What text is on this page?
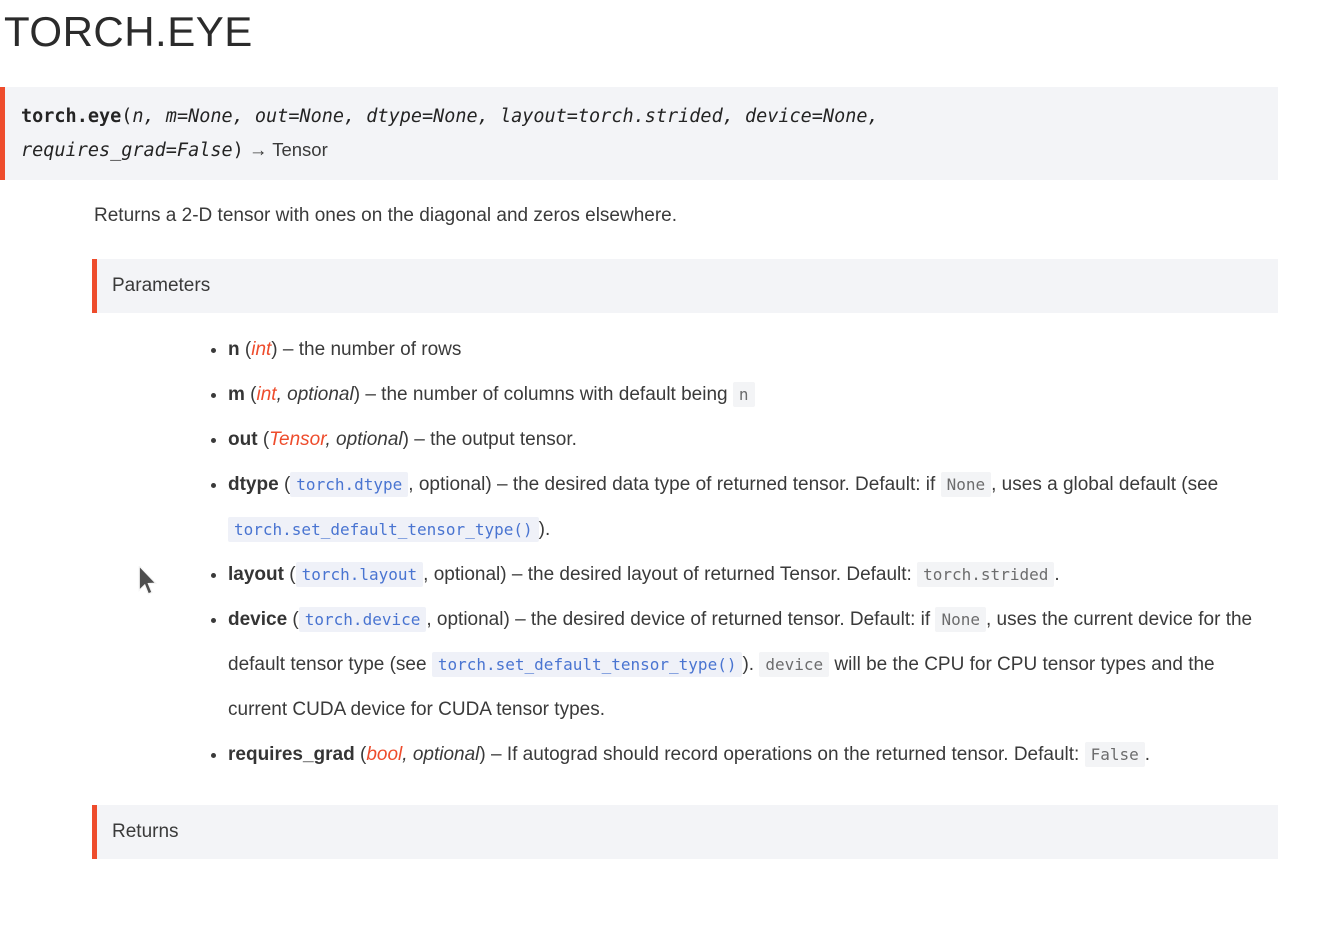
TORCH.EYE
torch.eye(n, m=None, out=None, dtype=None, layout=torch.strided, device=None,
requires_grad=False) → Tensor

Returns a 2-D tensor with ones on the diagonal and zeros elsewhere.

Parameters
• n (int) – the number of rows
• m (int, optional) – the number of columns with default being n
• out (Tensor, optional) – the output tensor.
• dtype ( torch.dtype , optional) – the desired data type of returned tensor. Default: if None , uses a global default (see torch.set_default_tensor_type() ).
• layout ( torch.layout , optional) – the desired layout of returned Tensor. Default: torch.strided .
• device ( torch.device , optional) – the desired device of returned tensor. Default: if None , uses the current device for the default tensor type (see torch.set_default_tensor_type() ). device will be the CPU for CPU tensor types and the current CUDA device for CUDA tensor types.
• requires_grad (bool, optional) – If autograd should record operations on the returned tensor. Default: False .
Returns
